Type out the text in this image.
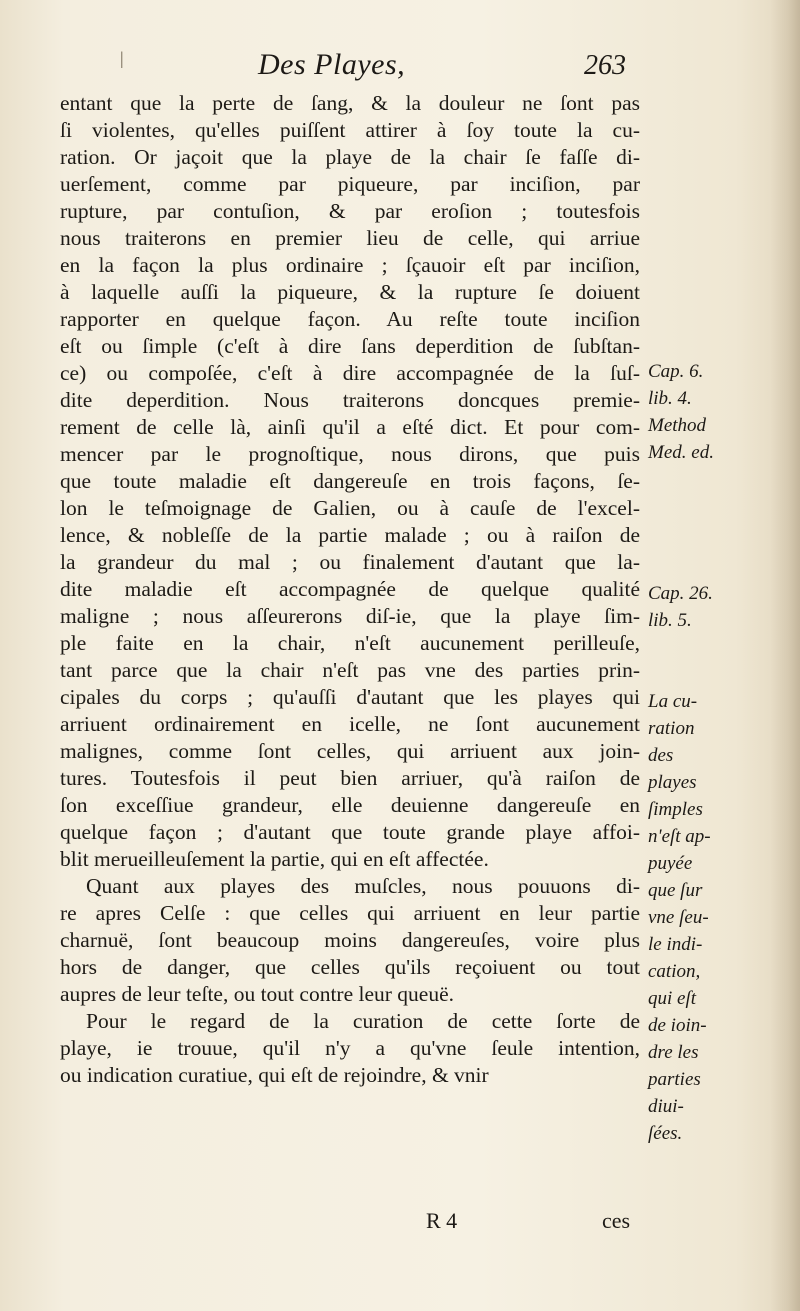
Des Playes,	263
entant que la perte de ſang, & la douleur ne ſont pas
ſi violentes, qu'elles puiſſent attirer à ſoy toute la cu-
ration. Or jaçoit que la playe de la chair ſe faſſe di-
uerſement, comme par piqueure, par inciſion, par
rupture, par contuſion, & par eroſion ; toutesfois
nous traiterons en premier lieu de celle, qui arriue
en la façon la plus ordinaire ; ſçauoir eſt par inciſion,
à laquelle auſſi la piqueure, & la rupture ſe doiuent
rapporter en quelque façon. Au reſte toute inciſion
eſt ou ſimple (c'eſt à dire ſans deperdition de ſubſtan-
ce) ou compoſée, c'eſt à dire accompagnée de la ſuſ-
dite deperdition. Nous traiterons doncques premie-
rement de celle là, ainſi qu'il a eſté dict. Et pour com-
mencer par le prognoſtique, nous dirons, que puis
que toute maladie eſt dangereuſe en trois façons, ſe-
lon le teſmoignage de Galien, ou à cauſe de l'excel-
lence, & nobleſſe de la partie malade ; ou à raiſon de
la grandeur du mal ; ou finalement d'autant que la-
dite maladie eſt accompagnée de quelque qualité
maligne ; nous aſſeurerons diſ-ie, que la playe ſim-
ple faite en la chair, n'eſt aucunement perilleuſe,
tant parce que la chair n'eſt pas vne des parties prin-
cipales du corps ; qu'auſſi d'autant que les playes qui
arriuent ordinairement en icelle, ne ſont aucunement
malignes, comme ſont celles, qui arriuent aux join-
tures. Toutesfois il peut bien arriuer, qu'à raiſon de
ſon exceſſiue grandeur, elle deuienne dangereuſe en
quelque façon ; d'autant que toute grande playe affoi-
blit merueilleuſement la partie, qui en eſt affectée.
Quant aux playes des muſcles, nous pouuons di-
re apres Celſe : que celles qui arriuent en leur partie
charnuë, ſont beaucoup moins dangereuſes, voire plus
hors de danger, que celles qu'ils reçoiuent ou tout
aupres de leur teſte, ou tout contre leur queuë.
Pour le regard de la curation de cette ſorte de
playe, ie trouue, qu'il n'y a qu'vne ſeule intention,
ou indication curatiue, qui eſt de rejoindre, & vnir
Cap. 6.
lib. 4.
Method
Med. ed.
Cap. 26.
lib. 5.
La cu-
ration
des
playes
ſimples
n'eſt ap-
puyée
que ſur
vne ſeu-
le indi-
cation,
qui eſt
de ioin-
dre les
parties
diui-
ſées.
R 4	ces
|
